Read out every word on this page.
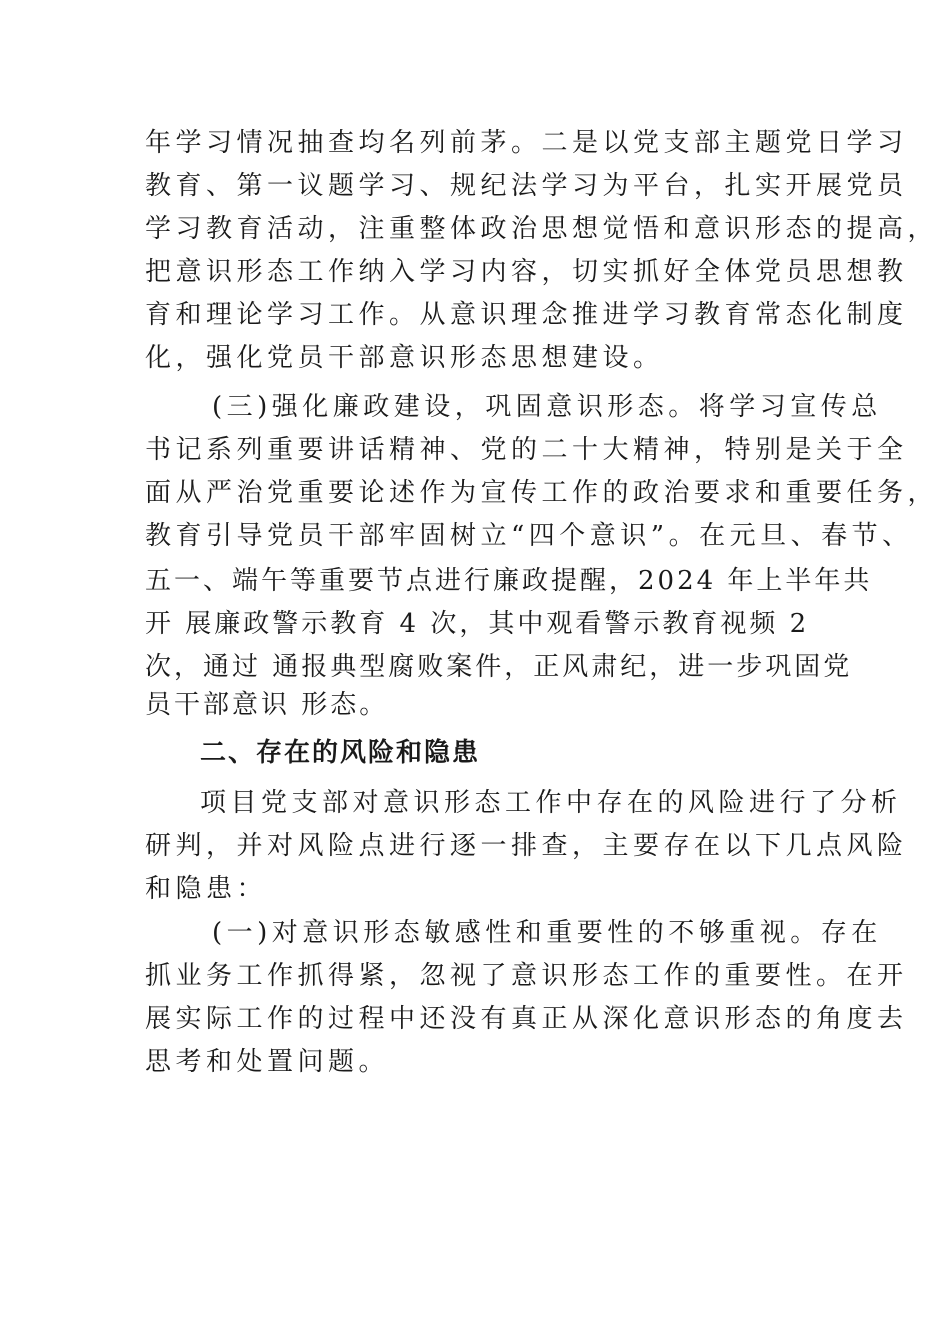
年学习情况抽查均名列前茅。二是以党支部主题党日学习
教育、第一议题学习、规纪法学习为平台，扎实开展党员
学习教育活动，注重整体政治思想觉悟和意识形态的提高，
把意识形态工作纳入学习内容，切实抓好全体党员思想教
育和理论学习工作。从意识理念推进学习教育常态化制度
化，强化党员干部意识形态思想建设。
(三)强化廉政建设，巩固意识形态。将学习宣传总
书记系列重要讲话精神、党的二十大精神，特别是关于全
面从严治党重要论述作为宣传工作的政治要求和重要任务，
教育引导党员干部牢固树立“四个意识”。在元旦、春节、
五一、端午等重要节点进行廉政提醒，2024 年上半年共
开 展廉政警示教育 4 次，其中观看警示教育视频 2
次，通过 通报典型腐败案件，正风肃纪，进一步巩固党
员干部意识 形态。
二、存在的风险和隐患
项目党支部对意识形态工作中存在的风险进行了分析
研判，并对风险点进行逐一排查，主要存在以下几点风险
和隐患：
(一)对意识形态敏感性和重要性的不够重视。存在
抓业务工作抓得紧，忽视了意识形态工作的重要性。在开
展实际工作的过程中还没有真正从深化意识形态的角度去
思考和处置问题。
